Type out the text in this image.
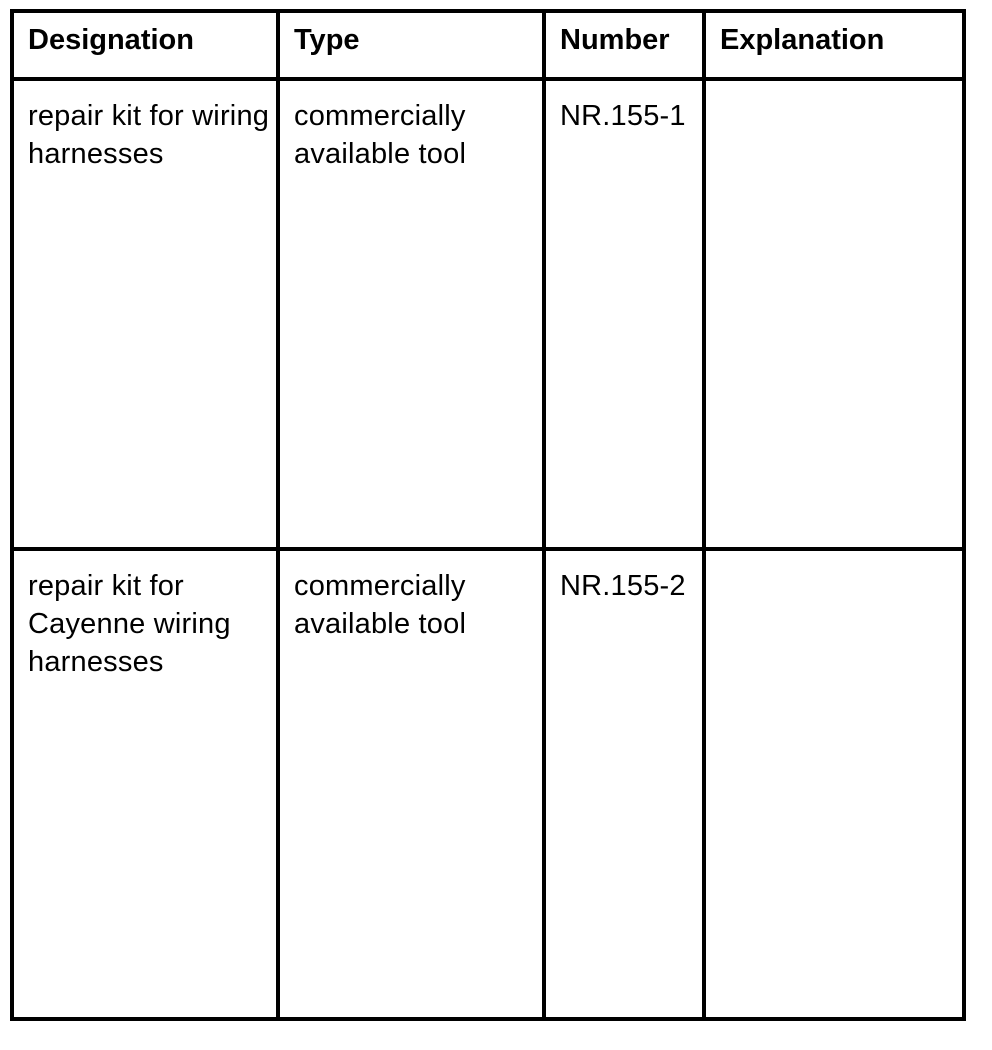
Designation	Type	Number	Explanation

repair kit for wiring harnesses	commercially available tool	NR.155-1	

repair kit for Cayenne wiring harnesses	commercially available tool	NR.155-2	
